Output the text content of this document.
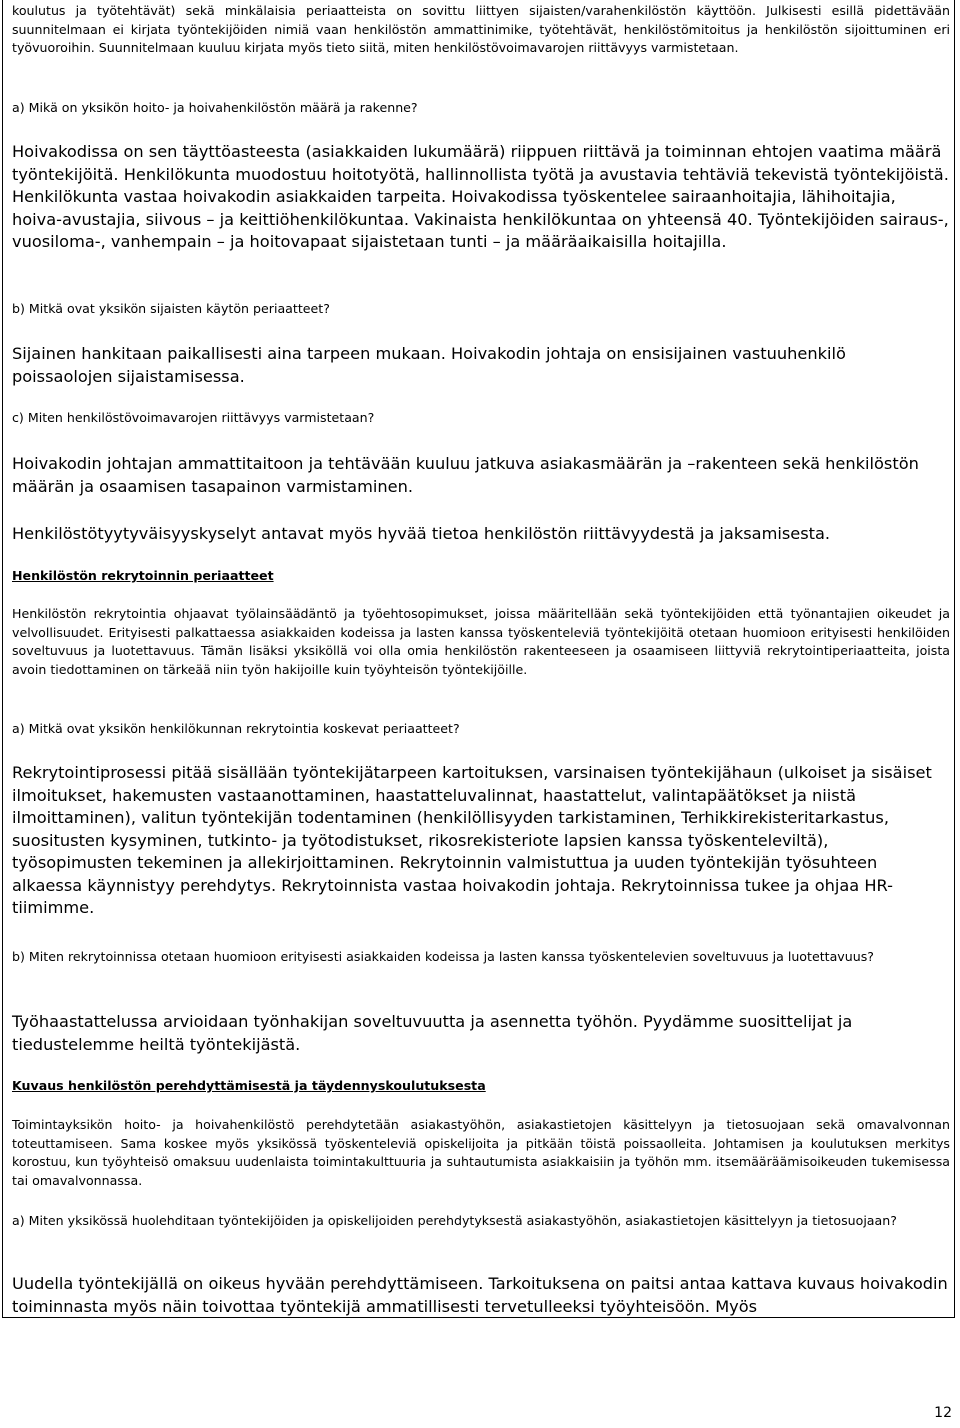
koulutus ja työtehtävät) sekä minkälaisia periaatteista on sovittu liittyen sijaisten/varahenkilöstön käyttöön. Julkisesti esillä pidettävään suunnitelmaan ei kirjata työntekijöiden nimiä vaan henkilöstön ammattinimike, työtehtävät, henkilöstömitoitus ja henkilöstön sijoittuminen eri työvuoroihin. Suunnitelmaan kuuluu kirjata myös tieto siitä, miten henkilöstövoimavarojen riittävyys varmistetaan.

a) Mikä on yksikön hoito- ja hoivahenkilöstön määrä ja rakenne?

Hoivakodissa on sen täyttöasteesta (asiakkaiden lukumäärä) riippuen riittävä ja toiminnan ehtojen vaatima määrä työntekijöitä. Henkilökunta muodostuu hoitotyötä, hallinnollista työtä ja avustavia tehtäviä tekevistä työntekijöistä. Henkilökunta vastaa hoivakodin asiakkaiden tarpeita. Hoivakodissa työskentelee sairaanhoitajia, lähihoitajia, hoiva-avustajia, siivous – ja keittiöhenkilökuntaa. Vakinaista henkilökuntaa on yhteensä 40. Työntekijöiden sairaus-, vuosiloma-, vanhempain – ja hoitovapaat sijaistetaan tunti – ja määräaikaisilla hoitajilla.

b) Mitkä ovat yksikön sijaisten käytön periaatteet?

Sijainen hankitaan paikallisesti aina tarpeen mukaan. Hoivakodin johtaja on ensisijainen vastuuhenkilö poissaolojen sijaistamisessa.

c) Miten henkilöstövoimavarojen riittävyys varmistetaan?

Hoivakodin johtajan ammattitaitoon ja tehtävään kuuluu jatkuva asiakasmäärän ja –rakenteen sekä henkilöstön määrän ja osaamisen tasapainon varmistaminen.

Henkilöstötyytyväisyyskyselyt antavat myös hyvää tietoa henkilöstön riittävyydestä ja jaksamisesta.

Henkilöstön rekrytoinnin periaatteet

Henkilöstön rekrytointia ohjaavat työlainsäädäntö ja työehtosopimukset, joissa määritellään sekä työntekijöiden että työnantajien oikeudet ja velvollisuudet. Erityisesti palkattaessa asiakkaiden kodeissa ja lasten kanssa työskenteleviä työntekijöitä otetaan huomioon erityisesti henkilöiden soveltuvuus ja luotettavuus. Tämän lisäksi yksiköllä voi olla omia henkilöstön rakenteeseen ja osaamiseen liittyviä rekrytointiperiaatteita, joista avoin tiedottaminen on tärkeää niin työn hakijoille kuin työyhteisön työntekijöille.

a) Mitkä ovat yksikön henkilökunnan rekrytointia koskevat periaatteet?

Rekrytointiprosessi pitää sisällään työntekijätarpeen kartoituksen, varsinaisen työntekijähaun (ulkoiset ja sisäiset ilmoitukset, hakemusten vastaanottaminen, haastatteluvalinnat, haastattelut, valintapäätökset ja niistä ilmoittaminen), valitun työntekijän todentaminen (henkilöllisyyden tarkistaminen, Terhikkirekisteritarkastus, suositusten kysyminen, tutkinto- ja työtodistukset, rikosrekisteriote lapsien kanssa työskenteleviltä), työsopimusten tekeminen ja allekirjoittaminen. Rekrytoinnin valmistuttua ja uuden työntekijän työsuhteen alkaessa käynnistyy perehdytys. Rekrytoinnista vastaa hoivakodin johtaja. Rekrytoinnissa tukee ja ohjaa HR-tiimimme.

b) Miten rekrytoinnissa otetaan huomioon erityisesti asiakkaiden kodeissa ja lasten kanssa työskentelevien soveltuvuus ja luotettavuus?

Työhaastattelussa arvioidaan työnhakijan soveltuvuutta ja asennetta työhön. Pyydämme suosittelijat ja tiedustelemme heiltä työntekijästä.

Kuvaus henkilöstön perehdyttämisestä ja täydennyskoulutuksesta

Toimintayksikön hoito- ja hoivahenkilöstö perehdytetään asiakastyöhön, asiakastietojen käsittelyyn ja tietosuojaan sekä omavalvonnan toteuttamiseen. Sama koskee myös yksikössä työskenteleviä opiskelijoita ja pitkään töistä poissaolleita. Johtamisen ja koulutuksen merkitys korostuu, kun työyhteisö omaksuu uudenlaista toimintakulttuuria ja suhtautumista asiakkaisiin ja työhön mm. itsemääräämisoikeuden tukemisessa tai omavalvonnassa.

a) Miten yksikössä huolehditaan työntekijöiden ja opiskelijoiden perehdytyksestä asiakastyöhön, asiakastietojen käsittelyyn ja tietosuojaan?

Uudella työntekijällä on oikeus hyvään perehdyttämiseen. Tarkoituksena on paitsi antaa kattava kuvaus hoivakodin toiminnasta myös näin toivottaa työntekijä ammatillisesti tervetulleeksi työyhteisöön. Myös

12
